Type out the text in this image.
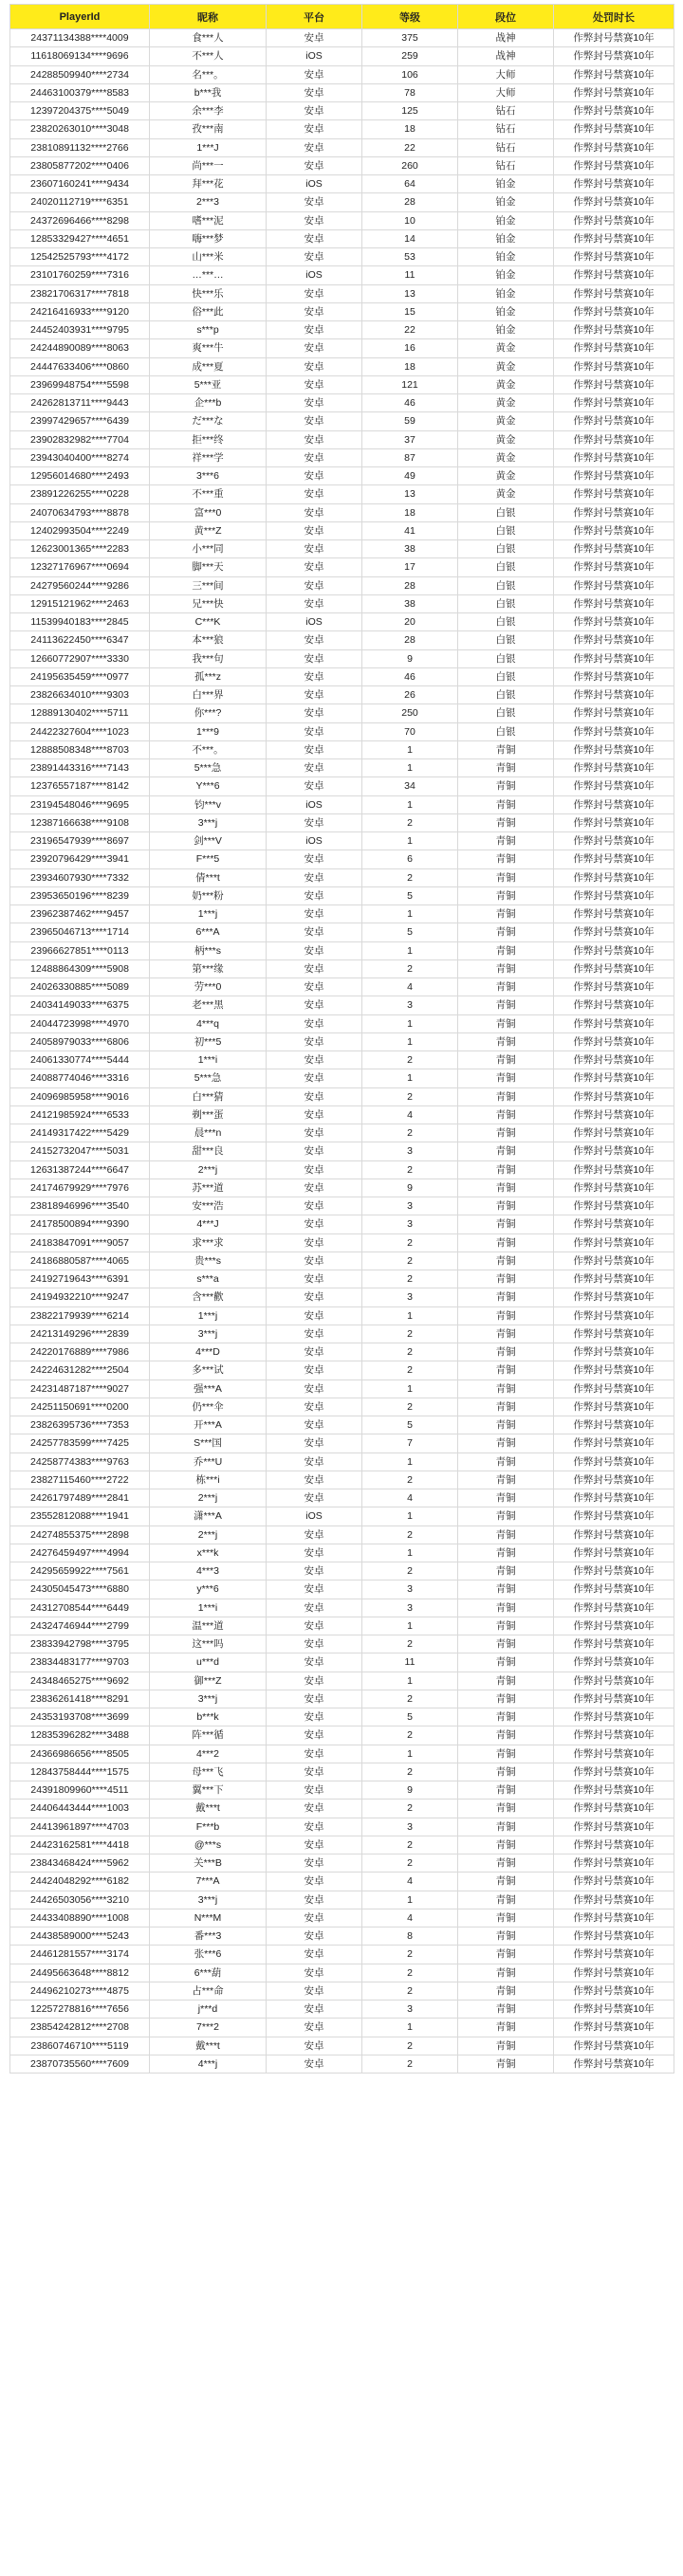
PlayerId	昵称	平台	等级	段位	处罚时长
24371134388****4009	食***人	安卓	375	战神	作弊封号禁赛10年
11618069134****9696	不***人	iOS	259	战神	作弊封号禁赛10年
24288509940****2734	名***。	安卓	106	大师	作弊封号禁赛10年
24463100379****8583	b***我	安卓	78	大师	作弊封号禁赛10年
12397204375****5049	余***李	安卓	125	钻石	作弊封号禁赛10年
23820263010****3048	孜***南	安卓	18	钻石	作弊封号禁赛10年
23810891132****2766	1***J	安卓	22	钻石	作弊封号禁赛10年
23805877202****0406	尚***一	安卓	260	钻石	作弊封号禁赛10年
23607160241****9434	拜***花	iOS	64	铂金	作弊封号禁赛10年
24020112719****6351	2***3	安卓	28	铂金	作弊封号禁赛10年
24372696466****8298	嗜***泥	安卓	10	铂金	作弊封号禁赛10年
12853329427****4651	嗨***梦	安卓	14	铂金	作弊封号禁赛10年
12542525793****4172	山***米	安卓	53	铂金	作弊封号禁赛10年
23101760259****7316	…***…	iOS	11	铂金	作弊封号禁赛10年
23821706317****7818	快***乐	安卓	13	铂金	作弊封号禁赛10年
24216416933****9120	俗***此	安卓	15	铂金	作弊封号禁赛10年
24452403931****9795	s***p	安卓	22	铂金	作弊封号禁赛10年
24244890089****8063	爽***牛	安卓	16	黄金	作弊封号禁赛10年
24447633406****0860	成***夏	安卓	18	黄金	作弊封号禁赛10年
23969948754****5598	5***亚	安卓	121	黄金	作弊封号禁赛10年
24262813711****9443	企***b	安卓	46	黄金	作弊封号禁赛10年
23997429657****6439	だ***な	安卓	59	黄金	作弊封号禁赛10年
23902832982****7704	拒***终	安卓	37	黄金	作弊封号禁赛10年
23943040400****8274	祥***学	安卓	87	黄金	作弊封号禁赛10年
12956014680****2493	3***6	安卓	49	黄金	作弊封号禁赛10年
23891226255****0228	不***重	安卓	13	黄金	作弊封号禁赛10年
24070634793****8878	富***0	安卓	18	白银	作弊封号禁赛10年
12402993504****2249	黄***Z	安卓	41	白银	作弊封号禁赛10年
12623001365****2283	小***同	安卓	38	白银	作弊封号禁赛10年
12327176967****0694	脚***天	安卓	17	白银	作弊封号禁赛10年
24279560244****9286	三***间	安卓	28	白银	作弊封号禁赛10年
12915121962****2463	兄***快	安卓	38	白银	作弊封号禁赛10年
11539940183****2845	C***K	iOS	20	白银	作弊封号禁赛10年
24113622450****6347	本***狼	安卓	28	白银	作弊封号禁赛10年
12660772907****3330	我***句	安卓	9	白银	作弊封号禁赛10年
24195635459****0977	孤***z	安卓	46	白银	作弊封号禁赛10年
23826634010****9303	白***界	安卓	26	白银	作弊封号禁赛10年
12889130402****5711	你***?	安卓	250	白银	作弊封号禁赛10年
24422327604****1023	1***9	安卓	70	白银	作弊封号禁赛10年
12888508348****8703	不***。	安卓	1	青铜	作弊封号禁赛10年
23891443316****7143	5***急	安卓	1	青铜	作弊封号禁赛10年
12376557187****8142	Y***6	安卓	34	青铜	作弊封号禁赛10年
23194548046****9695	钧***v	iOS	1	青铜	作弊封号禁赛10年
12387166638****9108	3***j	安卓	2	青铜	作弊封号禁赛10年
23196547939****8697	剑***V	iOS	1	青铜	作弊封号禁赛10年
23920796429****3941	F***5	安卓	6	青铜	作弊封号禁赛10年
23934607930****7332	倩***t	安卓	2	青铜	作弊封号禁赛10年
23953650196****8239	奶***粉	安卓	5	青铜	作弊封号禁赛10年
23962387462****9457	1***j	安卓	1	青铜	作弊封号禁赛10年
23965046713****1714	6***A	安卓	5	青铜	作弊封号禁赛10年
23966627851****0113	柄***s	安卓	1	青铜	作弊封号禁赛10年
12488864309****5908	第***缘	安卓	2	青铜	作弊封号禁赛10年
24026330885****5089	劳***0	安卓	4	青铜	作弊封号禁赛10年
24034149033****6375	老***黑	安卓	3	青铜	作弊封号禁赛10年
24044723998****4970	4***q	安卓	1	青铜	作弊封号禁赛10年
24058979033****6806	初***5	安卓	1	青铜	作弊封号禁赛10年
24061330774****5444	1***i	安卓	2	青铜	作弊封号禁赛10年
24088774046****3316	5***急	安卓	1	青铜	作弊封号禁赛10年
24096985958****9016	白***猜	安卓	2	青铜	作弊封号禁赛10年
24121985924****6533	剃***蛋	安卓	4	青铜	作弊封号禁赛10年
24149317422****5429	晨***n	安卓	2	青铜	作弊封号禁赛10年
24152732047****5031	甜***良	安卓	3	青铜	作弊封号禁赛10年
12631387244****6647	2***j	安卓	2	青铜	作弊封号禁赛10年
24174679929****7976	苏***道	安卓	9	青铜	作弊封号禁赛10年
23818946996****3540	安***浩	安卓	3	青铜	作弊封号禁赛10年
24178500894****9390	4***J	安卓	3	青铜	作弊封号禁赛10年
24183847091****9057	求***求	安卓	2	青铜	作弊封号禁赛10年
24186880587****4065	贵***s	安卓	2	青铜	作弊封号禁赛10年
24192719643****6391	s***a	安卓	2	青铜	作弊封号禁赛10年
24194932210****9247	含***歡	安卓	3	青铜	作弊封号禁赛10年
23822179939****6214	1***j	安卓	1	青铜	作弊封号禁赛10年
24213149296****2839	3***j	安卓	2	青铜	作弊封号禁赛10年
24220176889****7986	4***D	安卓	2	青铜	作弊封号禁赛10年
24224631282****2504	多***试	安卓	2	青铜	作弊封号禁赛10年
24231487187****9027	强***A	安卓	1	青铜	作弊封号禁赛10年
24251150691****0200	仍***伞	安卓	2	青铜	作弊封号禁赛10年
23826395736****7353	开***A	安卓	5	青铜	作弊封号禁赛10年
24257783599****7425	S***国	安卓	7	青铜	作弊封号禁赛10年
24258774383****9763	乔***U	安卓	1	青铜	作弊封号禁赛10年
23827115460****2722	栋***i	安卓	2	青铜	作弊封号禁赛10年
24261797489****2841	2***j	安卓	4	青铜	作弊封号禁赛10年
23552812088****1941	潇***A	iOS	1	青铜	作弊封号禁赛10年
24274855375****2898	2***j	安卓	2	青铜	作弊封号禁赛10年
24276459497****4994	x***k	安卓	1	青铜	作弊封号禁赛10年
24295659922****7561	4***3	安卓	2	青铜	作弊封号禁赛10年
24305045473****6880	y***6	安卓	3	青铜	作弊封号禁赛10年
24312708544****6449	1***i	安卓	3	青铜	作弊封号禁赛10年
24324746944****2799	温***道	安卓	1	青铜	作弊封号禁赛10年
23833942798****3795	这***吗	安卓	2	青铜	作弊封号禁赛10年
23834483177****9703	u***d	安卓	11	青铜	作弊封号禁赛10年
24348465275****9692	御***Z	安卓	1	青铜	作弊封号禁赛10年
23836261418****8291	3***j	安卓	2	青铜	作弊封号禁赛10年
24353193708****3699	b***k	安卓	5	青铜	作弊封号禁赛10年
12835396282****3488	阵***循	安卓	2	青铜	作弊封号禁赛10年
24366986656****8505	4***2	安卓	1	青铜	作弊封号禁赛10年
12843758444****1575	母***飞	安卓	2	青铜	作弊封号禁赛10年
24391809960****4511	翼***下	安卓	9	青铜	作弊封号禁赛10年
24406443444****1003	戴***t	安卓	2	青铜	作弊封号禁赛10年
24413961897****4703	F***b	安卓	3	青铜	作弊封号禁赛10年
24423162581****4418	@***s	安卓	2	青铜	作弊封号禁赛10年
23843468424****5962	关***B	安卓	2	青铜	作弊封号禁赛10年
24424048292****6182	7***A	安卓	4	青铜	作弊封号禁赛10年
24426503056****3210	3***j	安卓	1	青铜	作弊封号禁赛10年
24433408890****1008	N***M	安卓	4	青铜	作弊封号禁赛10年
24438589000****5243	番***3	安卓	8	青铜	作弊封号禁赛10年
24461281557****3174	张***6	安卓	2	青铜	作弊封号禁赛10年
24495663648****8812	6***葫	安卓	2	青铜	作弊封号禁赛10年
24496210273****4875	占***命	安卓	2	青铜	作弊封号禁赛10年
12257278816****7656	j***d	安卓	3	青铜	作弊封号禁赛10年
23854242812****2708	7***2	安卓	1	青铜	作弊封号禁赛10年
23860746710****5119	戴***t	安卓	2	青铜	作弊封号禁赛10年
23870735560****7609	4***j	安卓	2	青铜	作弊封号禁赛10年
